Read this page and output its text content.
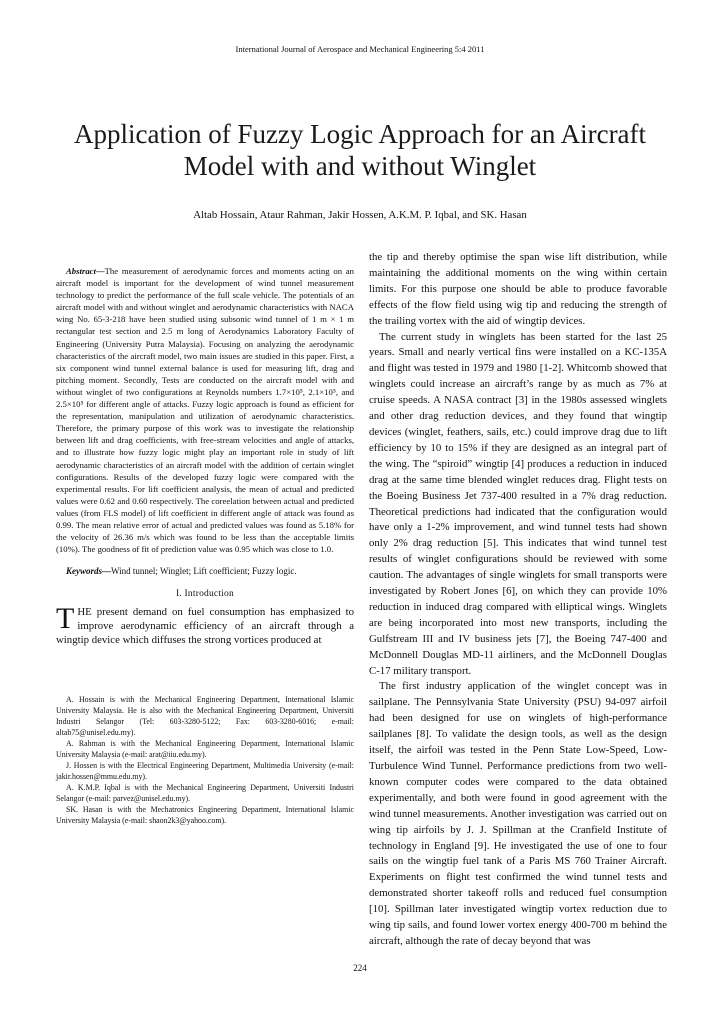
International Journal of Aerospace and Mechanical Engineering 5:4 2011
Application of Fuzzy Logic Approach for an Aircraft Model with and without Winglet
Altab Hossain, Ataur Rahman, Jakir Hossen, A.K.M. P. Iqbal, and SK. Hasan

Abstract—The measurement of aerodynamic forces and moments acting on an aircraft model is important for the development of wind tunnel measurement technology to predict the performance of the full scale vehicle. The potentials of an aircraft model with and without winglet and aerodynamic characteristics with NACA wing No. 65-3-218 have been studied using subsonic wind tunnel of 1 m × 1 m rectangular test section and 2.5 m long of Aerodynamics Laboratory Faculty of Engineering (University Putra Malaysia). Focusing on analyzing the aerodynamic characteristics of the aircraft model, two main issues are studied in this paper. First, a six component wind tunnel external balance is used for measuring lift, drag and pitching moment. Secondly, Tests are conducted on the aircraft model with and without winglet of two configurations at Reynolds numbers 1.7×10⁵, 2.1×10⁵, and 2.5×10⁵ for different angle of attacks. Fuzzy logic approach is found as efficient for the representation, manipulation and utilization of aerodynamic characteristics. Therefore, the primary purpose of this work was to investigate the relationship between lift and drag coefficients, with free-stream velocities and angle of attacks, and to illustrate how fuzzy logic might play an important role in study of lift aerodynamic characteristics of an aircraft model with the addition of certain winglet configurations. Results of the developed fuzzy logic were compared with the experimental results. For lift coefficient analysis, the mean of actual and predicted values were 0.62 and 0.60 respectively. The coreelation between actual and predicted values (from FLS model) of lift coefficient in different angle of attack was found as 0.99. The mean relative error of actual and predicted values was found as 5.18% for the velocity of 26.36 m/s which was found to be less than the acceptable limits (10%). The goodness of fit of prediction value was 0.95 which was close to 1.0.

Keywords—Wind tunnel; Winglet; Lift coefficient; Fuzzy logic.

I. Introduction

THE present demand on fuel consumption has emphasized to improve aerodynamic efficiency of an aircraft through a wingtip device which diffuses the strong vortices produced at

A. Hossain is with the Mechanical Engineering Department, International Islamic University Malaysia. He is also with the Mechanical Engineering Department, Universiti Industri Selangor (Tel: 603-3280-5122; Fax: 603-3280-6016; e-mail: altab75@unisel.edu.my).

A. Rahman is with the Mechanical Engineering Department, International Islamic University Malaysia (e-mail: arat@iiu.edu.my).

J. Hossen is with the Electrical Engineering Department, Multimedia University (e-mail: jakir.hossen@mmu.edu.my).

A. K.M.P. Iqbal is with the Mechanical Engineering Department, Universiti Industri Selangor (e-mail: parvez@unisel.edu.my).

SK. Hasan is with the Mechatronics Engineering Department, International Islamic University Malaysia (e-mail: shaon2k3@yahoo.com).

the tip and thereby optimise the span wise lift distribution, while maintaining the additional moments on the wing within certain limits. For this purpose one should be able to produce favorable effects of the flow field using wig tip and reducing the strength of the trailing vortex with the aid of wingtip devices.

The current study in winglets has been started for the last 25 years. Small and nearly vertical fins were installed on a KC-135A and flight was tested in 1979 and 1980 [1-2]. Whitcomb showed that winglets could increase an aircraft’s range by as much as 7% at cruise speeds. A NASA contract [3] in the 1980s assessed winglets and other drag reduction devices, and they found that wingtip devices (winglet, feathers, sails, etc.) could improve drag due to lift efficiency by 10 to 15% if they are designed as an integral part of the wing. The “spiroid” wingtip [4] produces a reduction in induced drag at the same time blended winglet reduces drag. Flight tests on the Boeing Business Jet 737-400 resulted in a 7% drag reduction. Theoretical predictions had indicated that the configuration would have only a 1-2% improvement, and wind tunnel tests had shown only 2% drag reduction [5]. This indicates that wind tunnel test results of winglet configurations should be reviewed with some caution. The advantages of single winglets for small transports were investigated by Robert Jones [6], on which they can provide 10% reduction in induced drag compared with elliptical wings. Winglets are being incorporated into most new transports, including the Gulfstream III and IV business jets [7], the Boeing 747-400 and McDonnell Douglas MD-11 airliners, and the McDonnell Douglas C-17 military transport.

The first industry application of the winglet concept was in sailplane. The Pennsylvania State University (PSU) 94-097 airfoil had been designed for use on winglets of high-performance sailplanes [8]. To validate the design tools, as well as the design itself, the airfoil was tested in the Penn State Low-Speed, Low-Turbulence Wind Tunnel. Performance predictions from two well-known computer codes were compared to the data obtained experimentally, and both were found in good agreement with the wind tunnel measurements. Another investigation was carried out on wing tip airfoils by J. J. Spillman at the Cranfield Institute of technology in England [9]. He investigated the use of one to four sails on the wingtip fuel tank of a Paris MS 760 Trainer Aircraft. Experiments on flight test confirmed the wind tunnel tests and demonstrated shorter takeoff rolls and reduced fuel consumption [10]. Spillman later investigated wingtip vortex reduction due to wing tip sails, and found lower vortex energy 400-700 m behind the aircraft, although the rate of decay beyond that was

224
